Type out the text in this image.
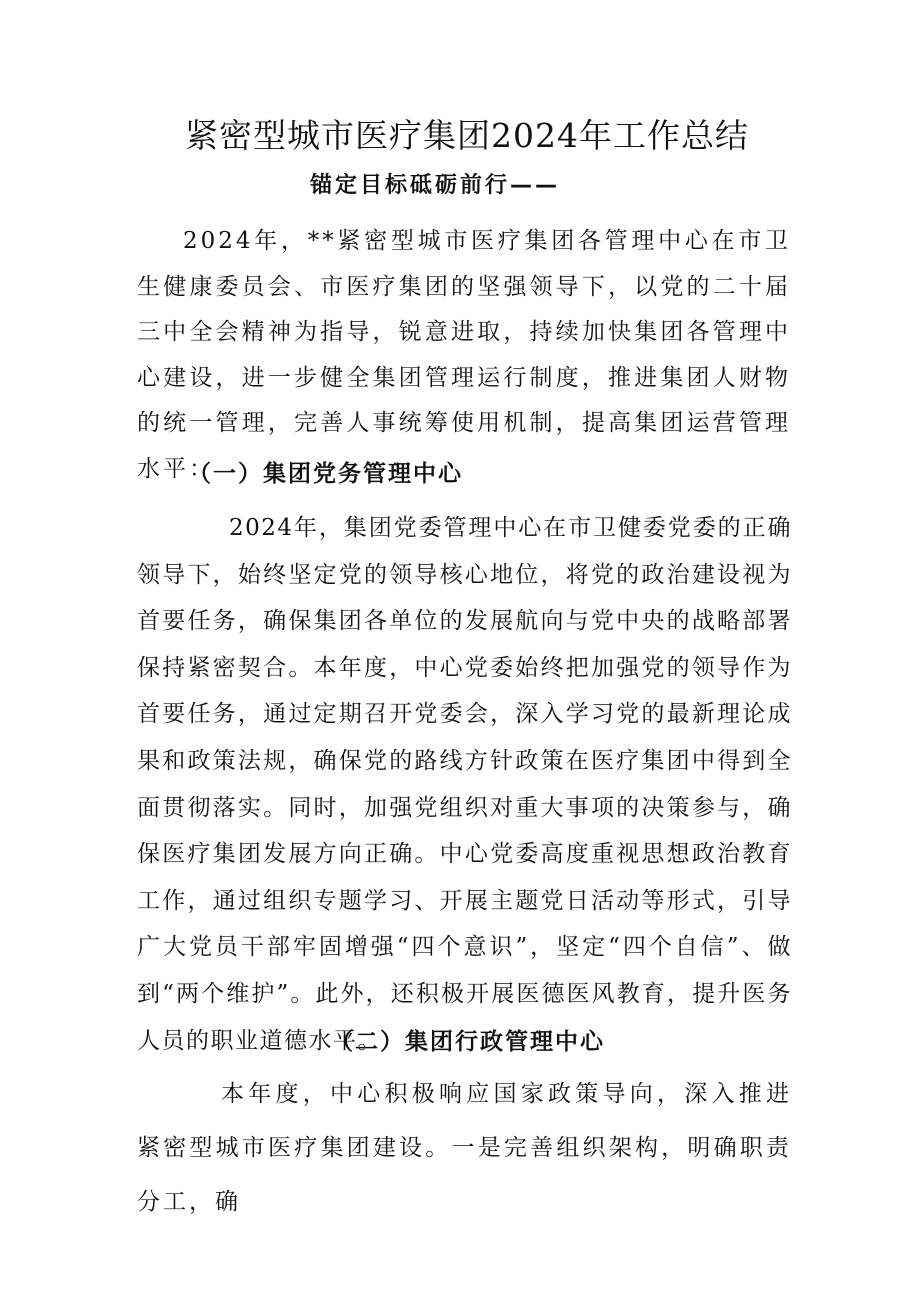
紧密型城市医疗集团2024年工作总结
锚定目标砥砺前行——

2024年，**紧密型城市医疗集团各管理中心在市卫生健康委员会、市医疗集团的坚强领导下，以党的二十届三中全会精神为指导，锐意进取，持续加快集团各管理中心建设，进一步健全集团管理运行制度，推进集团人财物的统一管理，完善人事统筹使用机制，提高集团运营管理水平：

（一）集团党务管理中心

2024年，集团党委管理中心在市卫健委党委的正确领导下，始终坚定党的领导核心地位，将党的政治建设视为首要任务，确保集团各单位的发展航向与党中央的战略部署保持紧密契合。本年度，中心党委始终把加强党的领导作为首要任务，通过定期召开党委会，深入学习党的最新理论成果和政策法规，确保党的路线方针政策在医疗集团中得到全面贯彻落实。同时，加强党组织对重大事项的决策参与，确保医疗集团发展方向正确。中心党委高度重视思想政治教育工作，通过组织专题学习、开展主题党日活动等形式，引导广大党员干部牢固增强“四个意识”，坚定“四个自信”、做到“两个维护”。此外，还积极开展医德医风教育，提升医务人员的职业道德水平。

（二）集团行政管理中心

本年度，中心积极响应国家政策导向，深入推进紧密型城市医疗集团建设。一是完善组织架构，明确职责分工，确
